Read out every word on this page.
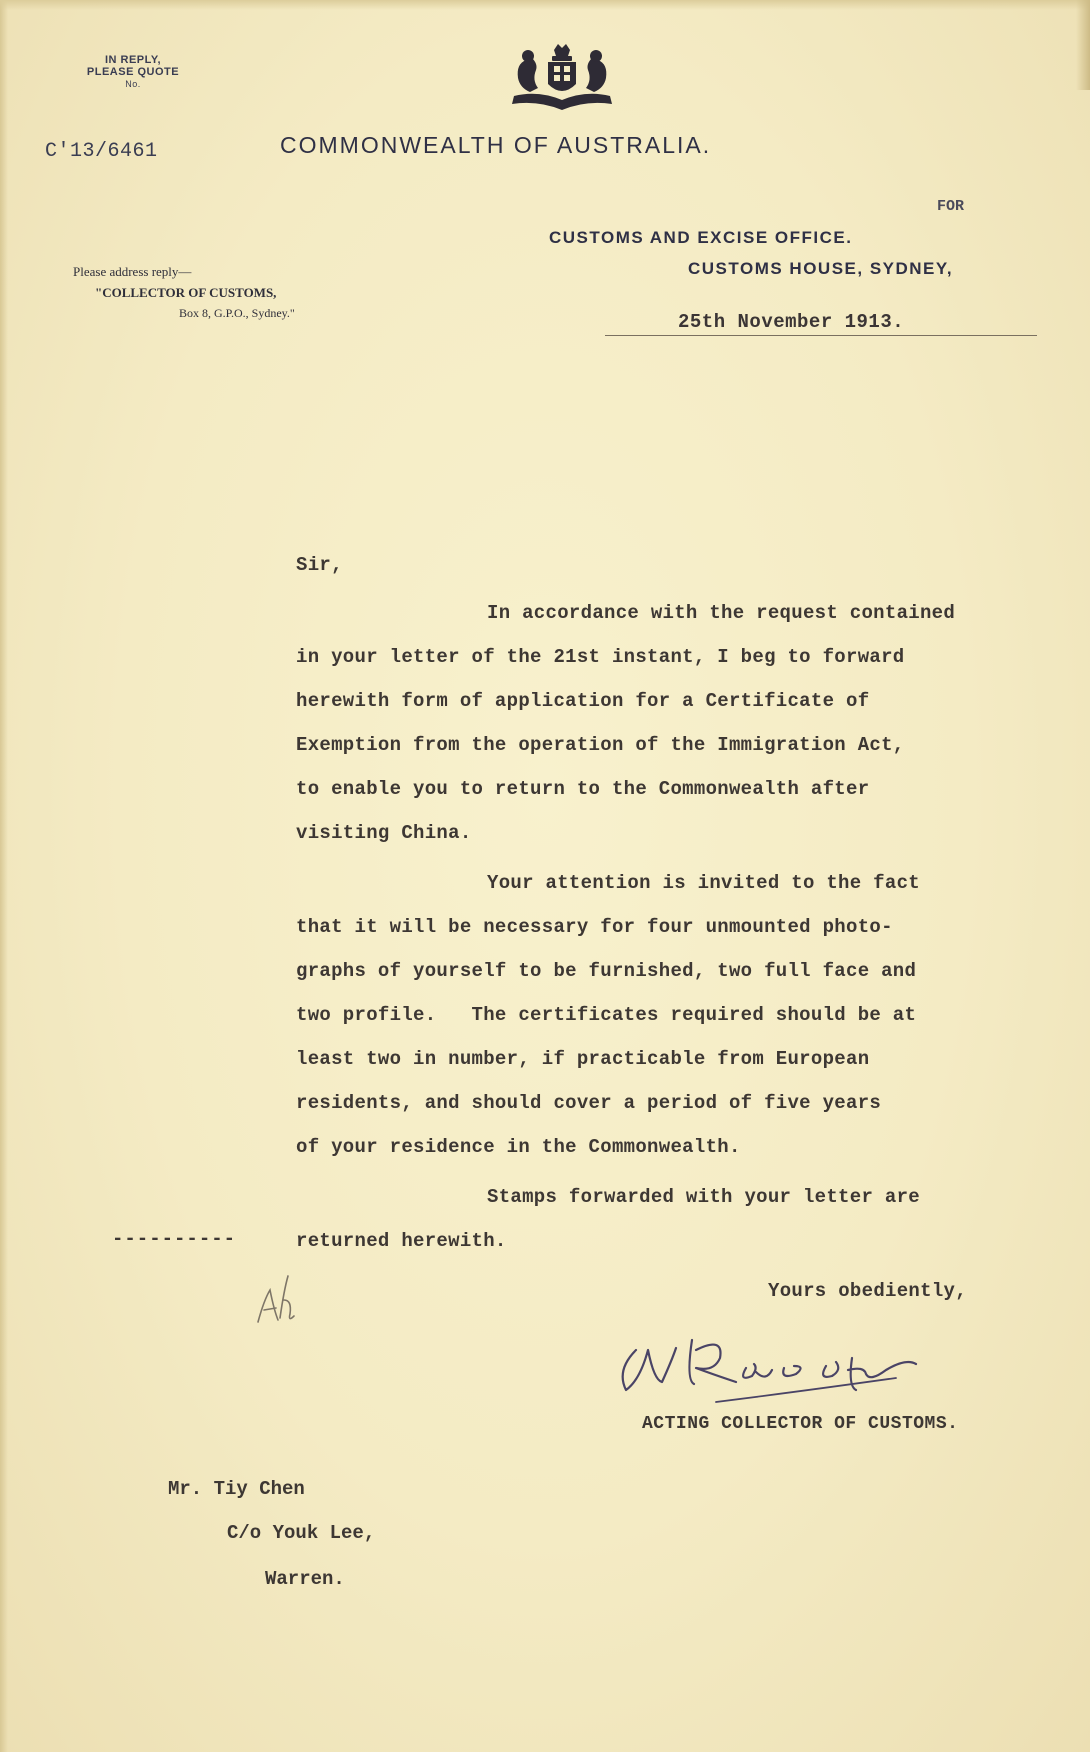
IN REPLY,
PLEASE QUOTE
No.
C'13/6461	COMMONWEALTH OF AUSTRALIA.
FOR
CUSTOMS AND EXCISE OFFICE.
CUSTOMS HOUSE, SYDNEY,
25th November 1913.
Please address reply—
"COLLECTOR OF CUSTOMS,
Box 8, G.P.O., Sydney."
Sir,
In accordance with the request contained
in your letter of the 21st instant, I beg to forward
herewith form of application for a Certificate of
Exemption from the operation of the Immigration Act,
to enable you to return to the Commonwealth after
visiting China.
Your attention is invited to the fact
that it will be necessary for four unmounted photo-
graphs of yourself to be furnished, two full face and
two profile.   The certificates required should be at
least two in number, if practicable from European
residents, and should cover a period of five years
of your residence in the Commonwealth.
Stamps forwarded with your letter are
----------	returned herewith.
Yours obediently,
ACTING COLLECTOR OF CUSTOMS.
Mr. Tiy Chen
C/o Youk Lee,
Warren.
